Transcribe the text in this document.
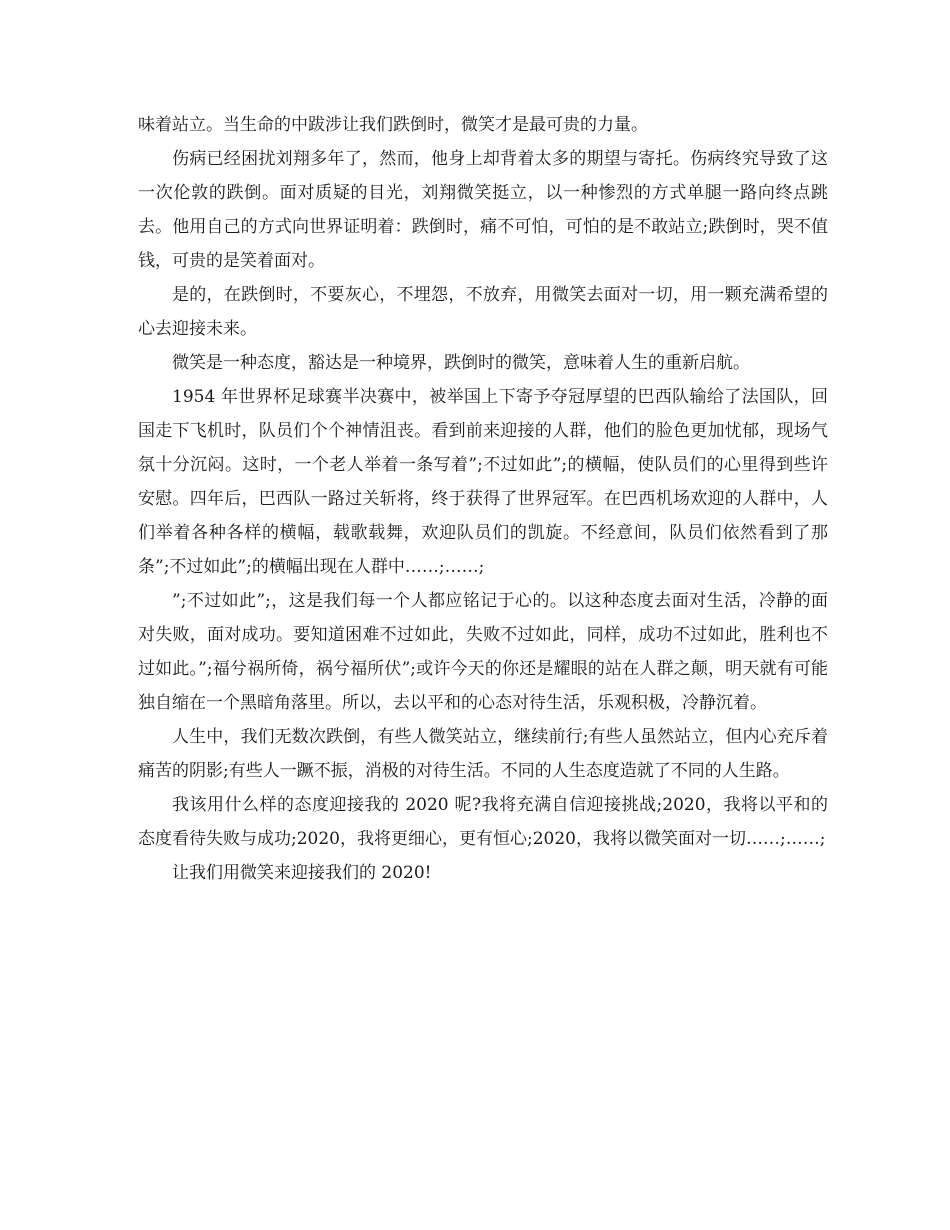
味着站立。当生命的中跋涉让我们跌倒时，微笑才是最可贵的力量。

伤病已经困扰刘翔多年了，然而，他身上却背着太多的期望与寄托。伤病终究导致了这一次伦敦的跌倒。面对质疑的目光，刘翔微笑挺立，以一种惨烈的方式单腿一路向终点跳去。他用自己的方式向世界证明着：跌倒时，痛不可怕，可怕的是不敢站立;跌倒时，哭不值钱，可贵的是笑着面对。

是的，在跌倒时，不要灰心，不埋怨，不放弃，用微笑去面对一切，用一颗充满希望的心去迎接未来。

微笑是一种态度，豁达是一种境界，跌倒时的微笑，意味着人生的重新启航。

1954 年世界杯足球赛半决赛中，被举国上下寄予夺冠厚望的巴西队输给了法国队，回国走下飞机时，队员们个个神情沮丧。看到前来迎接的人群，他们的脸色更加忧郁，现场气氛十分沉闷。这时，一个老人举着一条写着”;不过如此”;的横幅，使队员们的心里得到些许安慰。四年后，巴西队一路过关斩将，终于获得了世界冠军。在巴西机场欢迎的人群中，人们举着各种各样的横幅，载歌载舞，欢迎队员们的凯旋。不经意间，队员们依然看到了那条”;不过如此”;的横幅出现在人群中……;……;

”;不过如此”;，这是我们每一个人都应铭记于心的。以这种态度去面对生活，冷静的面对失败，面对成功。要知道困难不过如此，失败不过如此，同样，成功不过如此，胜利也不过如此。”;福兮祸所倚，祸兮福所伏”;或许今天的你还是耀眼的站在人群之颠，明天就有可能独自缩在一个黑暗角落里。所以，去以平和的心态对待生活，乐观积极，冷静沉着。

人生中，我们无数次跌倒，有些人微笑站立，继续前行;有些人虽然站立，但内心充斥着痛苦的阴影;有些人一蹶不振，消极的对待生活。不同的人生态度造就了不同的人生路。

我该用什么样的态度迎接我的 2020 呢?我将充满自信迎接挑战;2020，我将以平和的态度看待失败与成功;2020，我将更细心，更有恒心;2020，我将以微笑面对一切……;……;

让我们用微笑来迎接我们的 2020!
